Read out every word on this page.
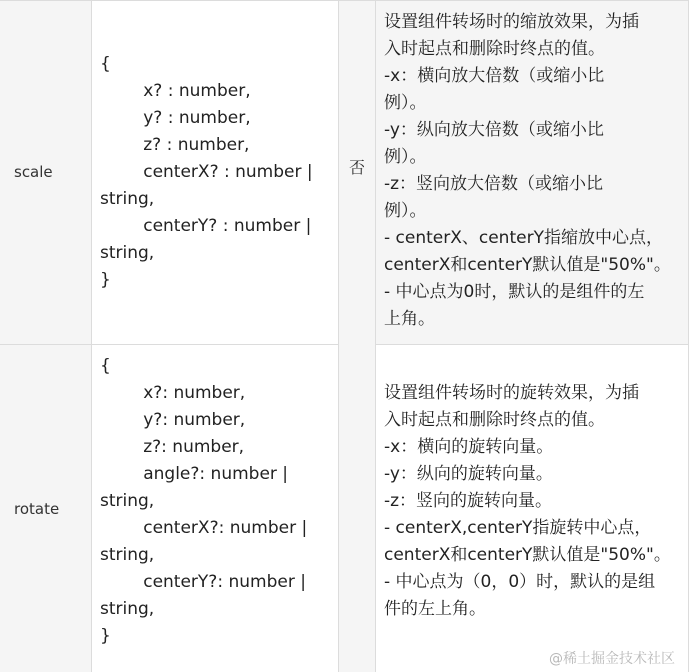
scale
{
x? : number,
y? : number,
z? : number,
centerX? : number |
string,
centerY? : number |
string,
}
否
设置组件转场时的缩放效果，为插
入时起点和删除时终点的值。
-x：横向放大倍数（或缩小比
例）。
-y：纵向放大倍数（或缩小比
例）。
-z：竖向放大倍数（或缩小比
例）。
- centerX、centerY指缩放中心点，
centerX和centerY默认值是"50%"。
- 中心点为0时，默认的是组件的左
上角。
rotate
{
x?: number,
y?: number,
z?: number,
angle?: number |
string,
centerX?: number |
string,
centerY?: number |
string,
}
设置组件转场时的旋转效果，为插
入时起点和删除时终点的值。
-x：横向的旋转向量。
-y：纵向的旋转向量。
-z：竖向的旋转向量。
- centerX,centerY指旋转中心点，
centerX和centerY默认值是"50%"。
- 中心点为（0，0）时，默认的是组
件的左上角。
@稀土掘金技术社区
